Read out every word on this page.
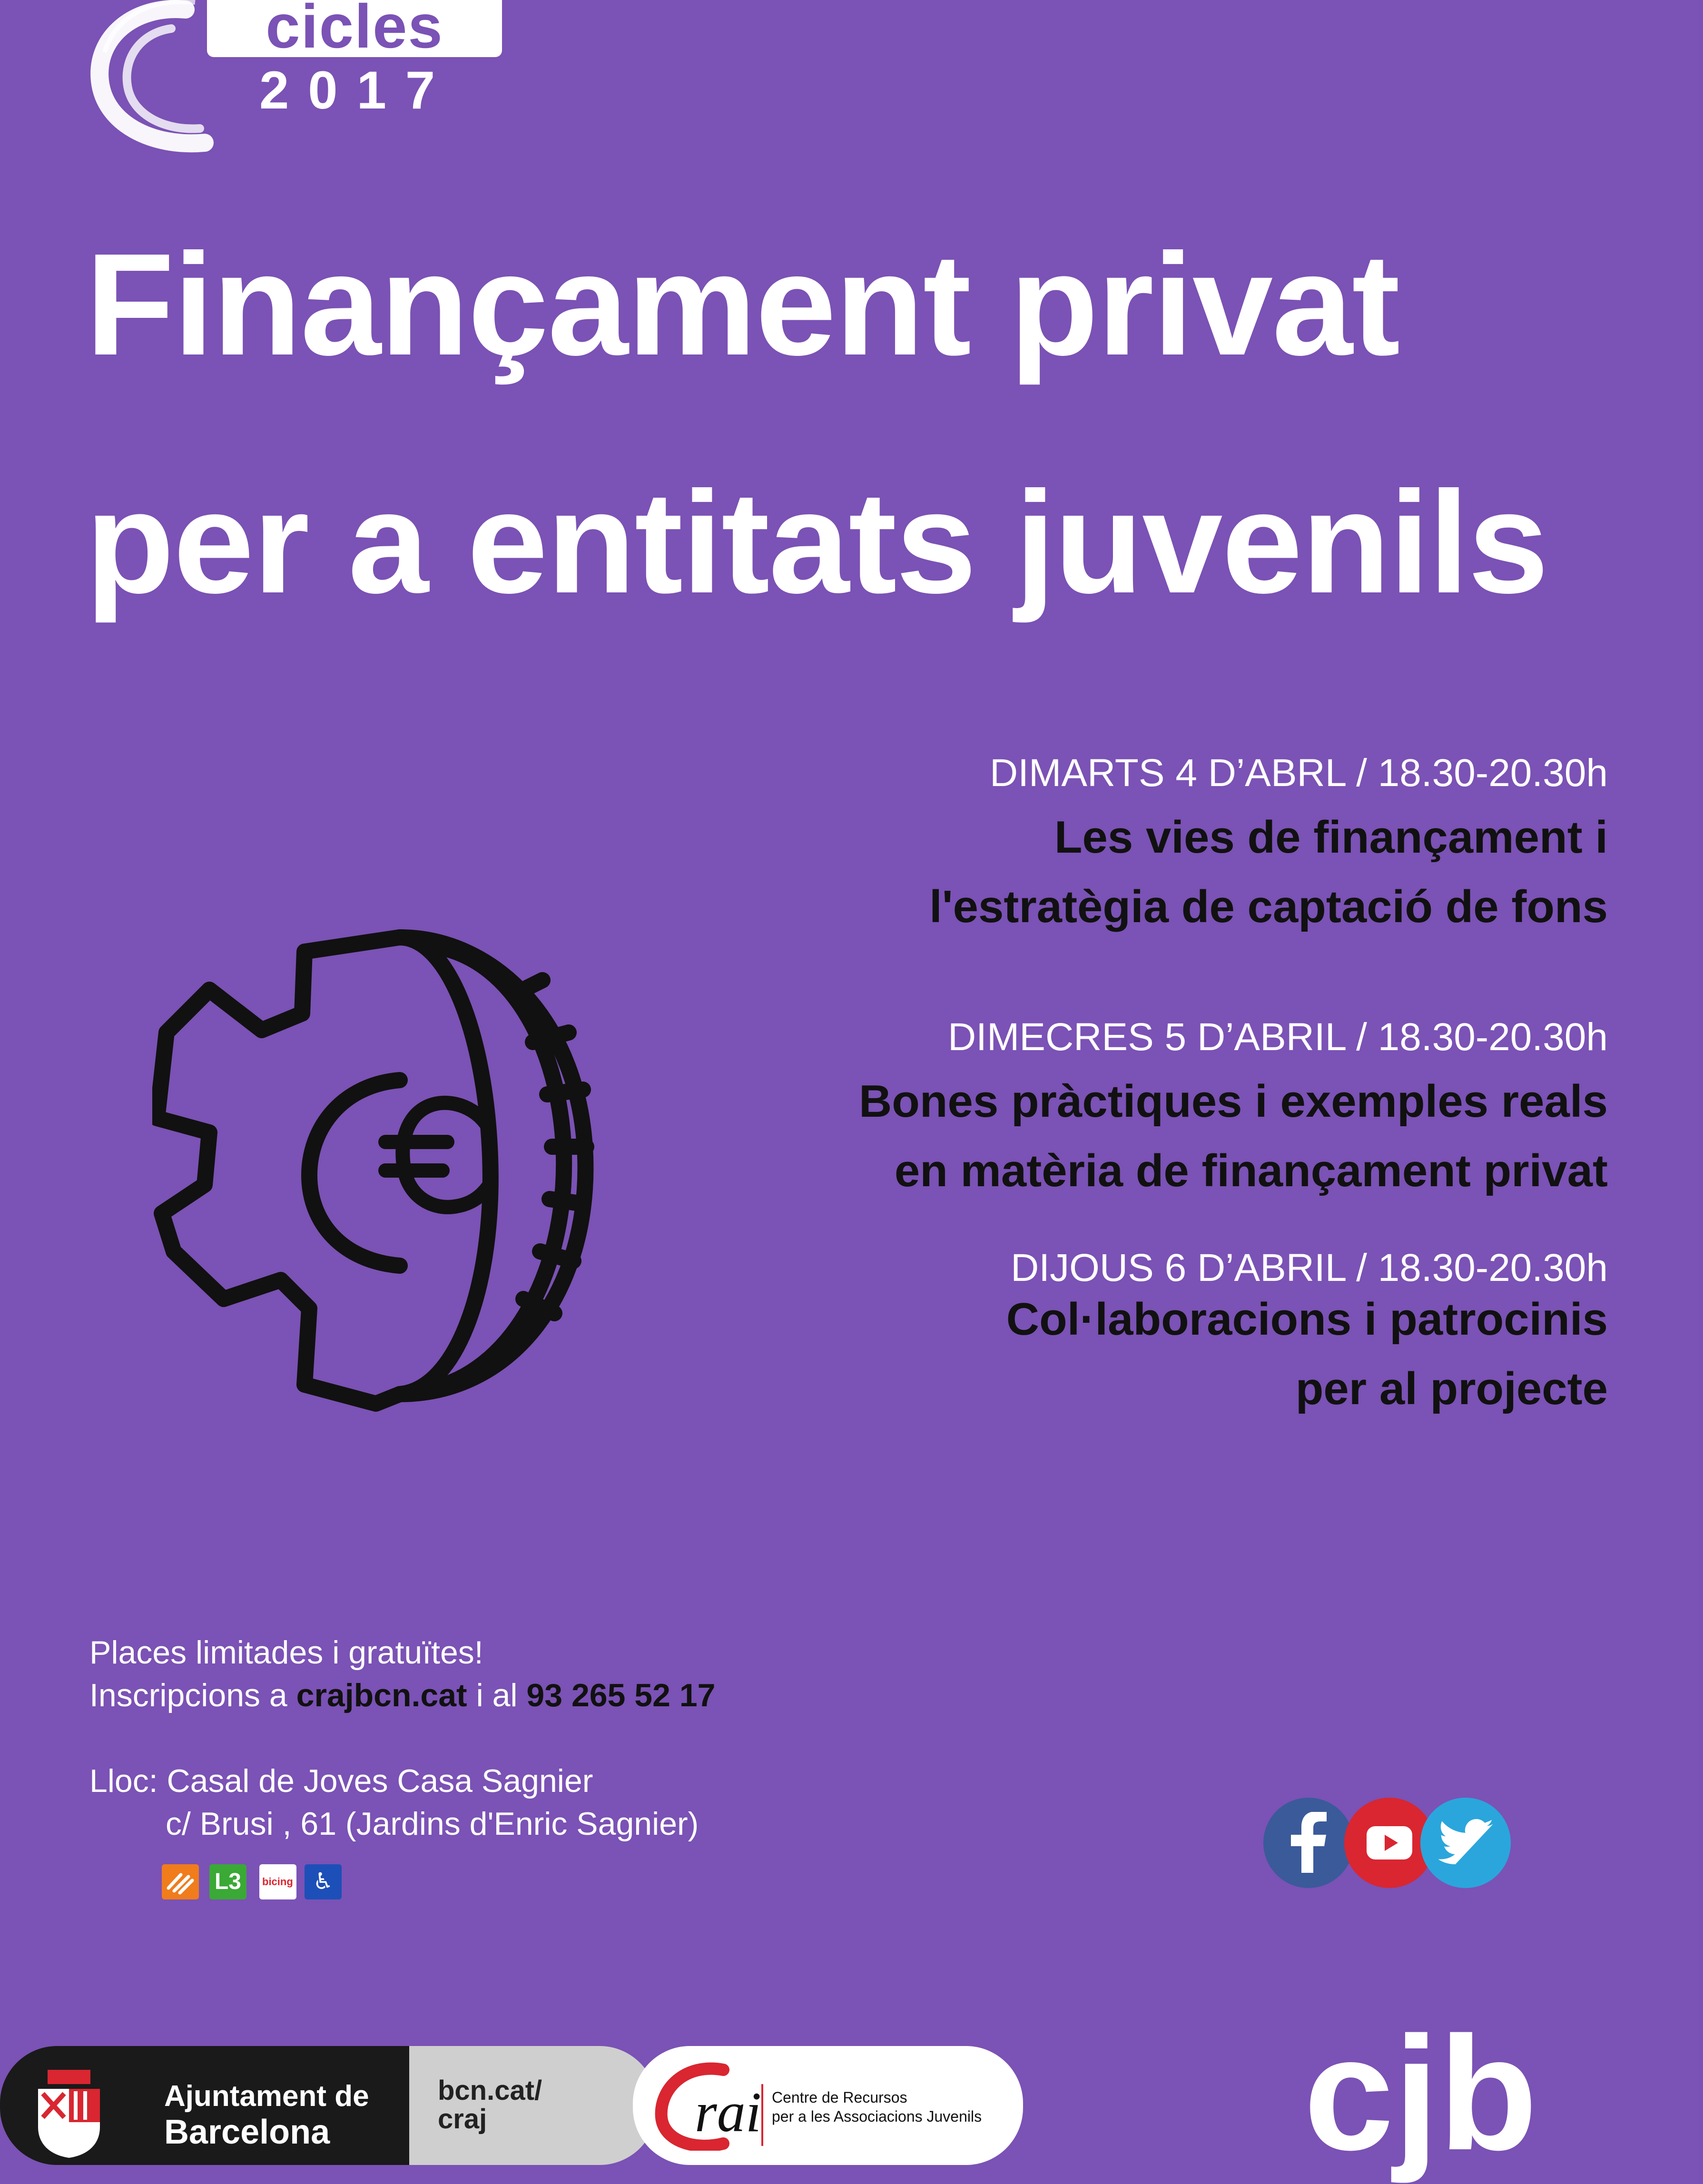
cicles
2017
Finançament privat
per a entitats juvenils
DIMARTS 4 D’ABRL / 18.30-20.30h
Les vies de finançament i
l'estratègia de captació de fons
DIMECRES 5 D’ABRIL / 18.30-20.30h
Bones pràctiques i exemples reals
en matèria de finançament privat
DIJOUS 6 D’ABRIL / 18.30-20.30h
Col·laboracions i patrocinis
per al projecte
Places limitades i gratuïtes!
Inscripcions a crajbcn.cat i al 93 265 52 17
Lloc: Casal de Joves Casa Sagnier
c/ Brusi , 61 (Jardins d'Enric Sagnier)
L3	bicing ♿
Ajuntament de
Barcelona
bcn.cat/
craj	rai Centre de Recursos
per a les Associacions Juvenils cjb
